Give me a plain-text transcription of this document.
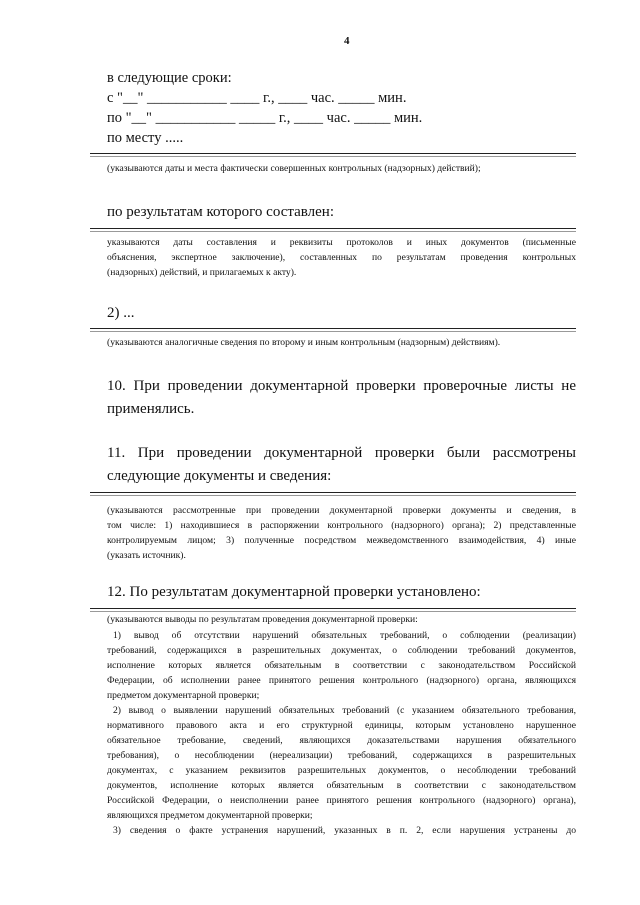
4
в следующие сроки:
с "__" ___________ ____ г., ____ час. _____ мин.
по "__" ___________ _____ г., ____ час. _____ мин.
по месту .....
(указываются даты и места фактически совершенных контрольных (надзорных) действий);
по результатам которого составлен:
указываются даты составления и реквизиты протоколов и иных документов (письменные
объяснения, экспертное заключение), составленных по результатам проведения контрольных
(надзорных) действий, и прилагаемых к акту).
2) ...
(указываются аналогичные сведения по второму и иным контрольным (надзорным) действиям).
10. При проведении документарной проверки проверочные листы не
применялись.
11. При проведении документарной проверки были рассмотрены
следующие документы и сведения:
(указываются рассмотренные при проведении документарной проверки документы и сведения, в
том числе: 1) находившиеся в распоряжении контрольного (надзорного) органа); 2) представленные
контролируемым лицом; 3) полученные посредством межведомственного взаимодействия, 4) иные
(указать источник).
12. По результатам документарной проверки установлено:
(указываются выводы по результатам проведения документарной проверки:
1) вывод об отсутствии нарушений обязательных требований, о соблюдении (реализации)
требований, содержащихся в разрешительных документах, о соблюдении требований документов,
исполнение которых является обязательным в соответствии с законодательством Российской
Федерации, об исполнении ранее принятого решения контрольного (надзорного) органа, являющихся
предметом документарной проверки;
2) вывод о выявлении нарушений обязательных требований (с указанием обязательного требования,
нормативного правового акта и его структурной единицы, которым установлено нарушенное
обязательное требование, сведений, являющихся доказательствами нарушения обязательного
требования), о несоблюдении (нереализации) требований, содержащихся в разрешительных
документах, с указанием реквизитов разрешительных документов, о несоблюдении требований
документов, исполнение которых является обязательным в соответствии с законодательством
Российской Федерации, о неисполнении ранее принятого решения контрольного (надзорного) органа),
являющихся предметом документарной проверки;
3) сведения о факте устранения нарушений, указанных в п. 2, если нарушения устранены до
